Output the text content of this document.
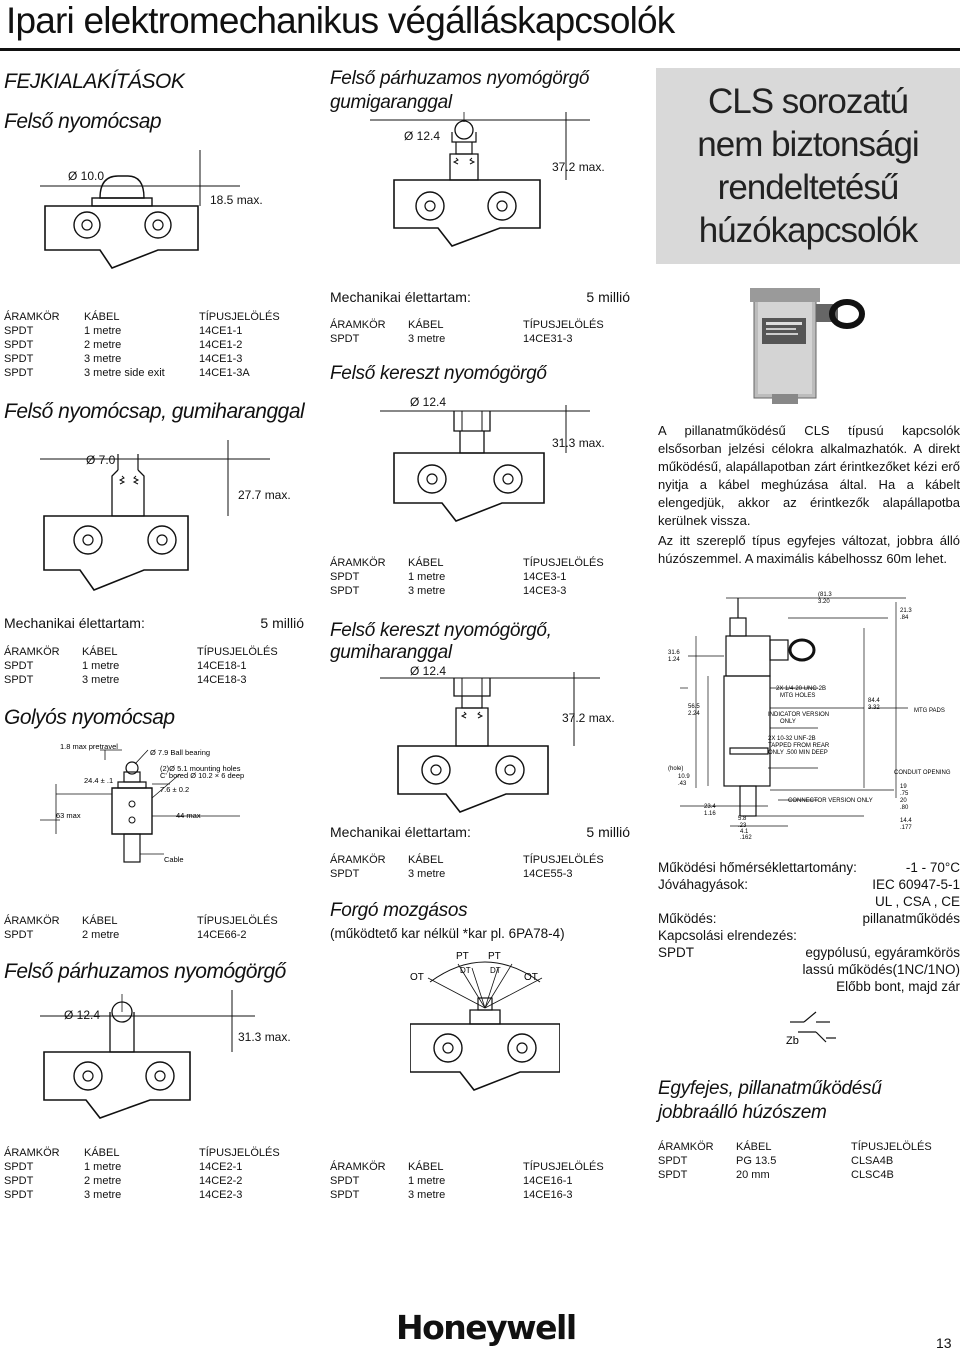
Ipari elektromechanikus végálláskapcsolók
FEJKIALAKÍTÁSOK
Felső nyomócsap
Ø 10.0
18.5 max.
ÁRAMKÖR	KÁBEL	TÍPUSJELÖLÉS
SPDT	1 metre	14CE1-1
SPDT	2 metre	14CE1-2
SPDT	3 metre	14CE1-3
SPDT	3 metre side exit	14CE1-3A
Felső nyomócsap, gumiharanggal
Ø 7.0
27.7 max.
Mechanikai élettartam:	5 millió
ÁRAMKÖR	KÁBEL	TÍPUSJELÖLÉS
SPDT	1 metre	14CE18-1
SPDT	3 metre	14CE18-3
Golyós nyomócsap
1.8 max pretravel
Ø 7.9 Ball bearing
(2)Ø 5.1 mounting holes
C' bored Ø 10.2 × 6 deep
24.4 ± .1
7.6 ± 0.2
63 max	44 max
Cable
ÁRAMKÖR	KÁBEL	TÍPUSJELÖLÉS
SPDT	2 metre	14CE66-2
Felső párhuzamos nyomógörgő
Ø 12.4
31.3 max.
ÁRAMKÖR	KÁBEL	TÍPUSJELÖLÉS
SPDT	1 metre	14CE2-1
SPDT	2 metre	14CE2-2
SPDT	3 metre	14CE2-3
Felső párhuzamos nyomógörgő
gumigaranggal
Ø 12.4
37.2 max.
Mechanikai élettartam:	5 millió
ÁRAMKÖR	KÁBEL	TÍPUSJELÖLÉS
SPDT	3 metre	14CE31-3
Felső kereszt nyomógörgő
Ø 12.4
31.3 max.
ÁRAMKÖR	KÁBEL	TÍPUSJELÖLÉS
SPDT	1 metre	14CE3-1
SPDT	3 metre	14CE3-3
Felső kereszt nyomógörgő,
gumiharanggal
Ø 12.4
37.2 max.
Mechanikai élettartam:	5 millió
ÁRAMKÖR	KÁBEL	TÍPUSJELÖLÉS
SPDT	3 metre	14CE55-3
Forgó mozgásos
(működtető kar nélkül *kar pl. 6PA78-4)
OT	OT
PT PT
DT DT
ÁRAMKÖR	KÁBEL	TÍPUSJELÖLÉS
SPDT	1 metre	14CE16-1
SPDT	3 metre	14CE16-3
CLS sorozatú
nem biztonsági
rendeltetésű
húzókapcsolók
A pillanatműködésű CLS típusú kapcsolók elsősorban jelzési célokra alkalmazhatók. A direkt működésű, alapállapotban zárt érintkezőket kézi erő nyitja a kábel meghúzása által. Ha a kábelt elengedjük, akkor az érintkezők alapállapotba kerülnek vissza.
Az itt szereplő típus egyfejes változat, jobbra álló húzószemmel. A maximális kábelhossz 60m lehet.
(81.3
3.20
21.3
.84
31.6
1.24
56.5
2.24
84.4
3.32
10.9
.43
23.4
1.16
5.8
.23
4.1
.162
19
.75
20
.80
14.4
.177
2X 1/4-20 UNC-2B
MTG HOLES
INDICATOR VERSION
ONLY
2X 10-32 UNF-2B
TAPPED FROM REAR
ONLY .500 MIN DEEP
MTG PADS
CONDUIT OPENING
CONNECTOR VERSION ONLY
(hole)
Működési hőmérséklettartomány:	-1 - 70°C
Jóváhagyások:	IEC 60947-5-1
UL , CSA , CE
Működés:	pillanatműködés
Kapcsolási elrendezés:
SPDT	egypólusú, egyáramkörös
lassú működés(1NC/1NO)
Előbb bont, majd zár
Zb
Egyfejes, pillanatműködésű
jobbraálló húzószem
ÁRAMKÖR	KÁBEL	TÍPUSJELÖLÉS
SPDT	PG 13.5	CLSA4B
SPDT	20 mm	CLSC4B
Honeywell	13
